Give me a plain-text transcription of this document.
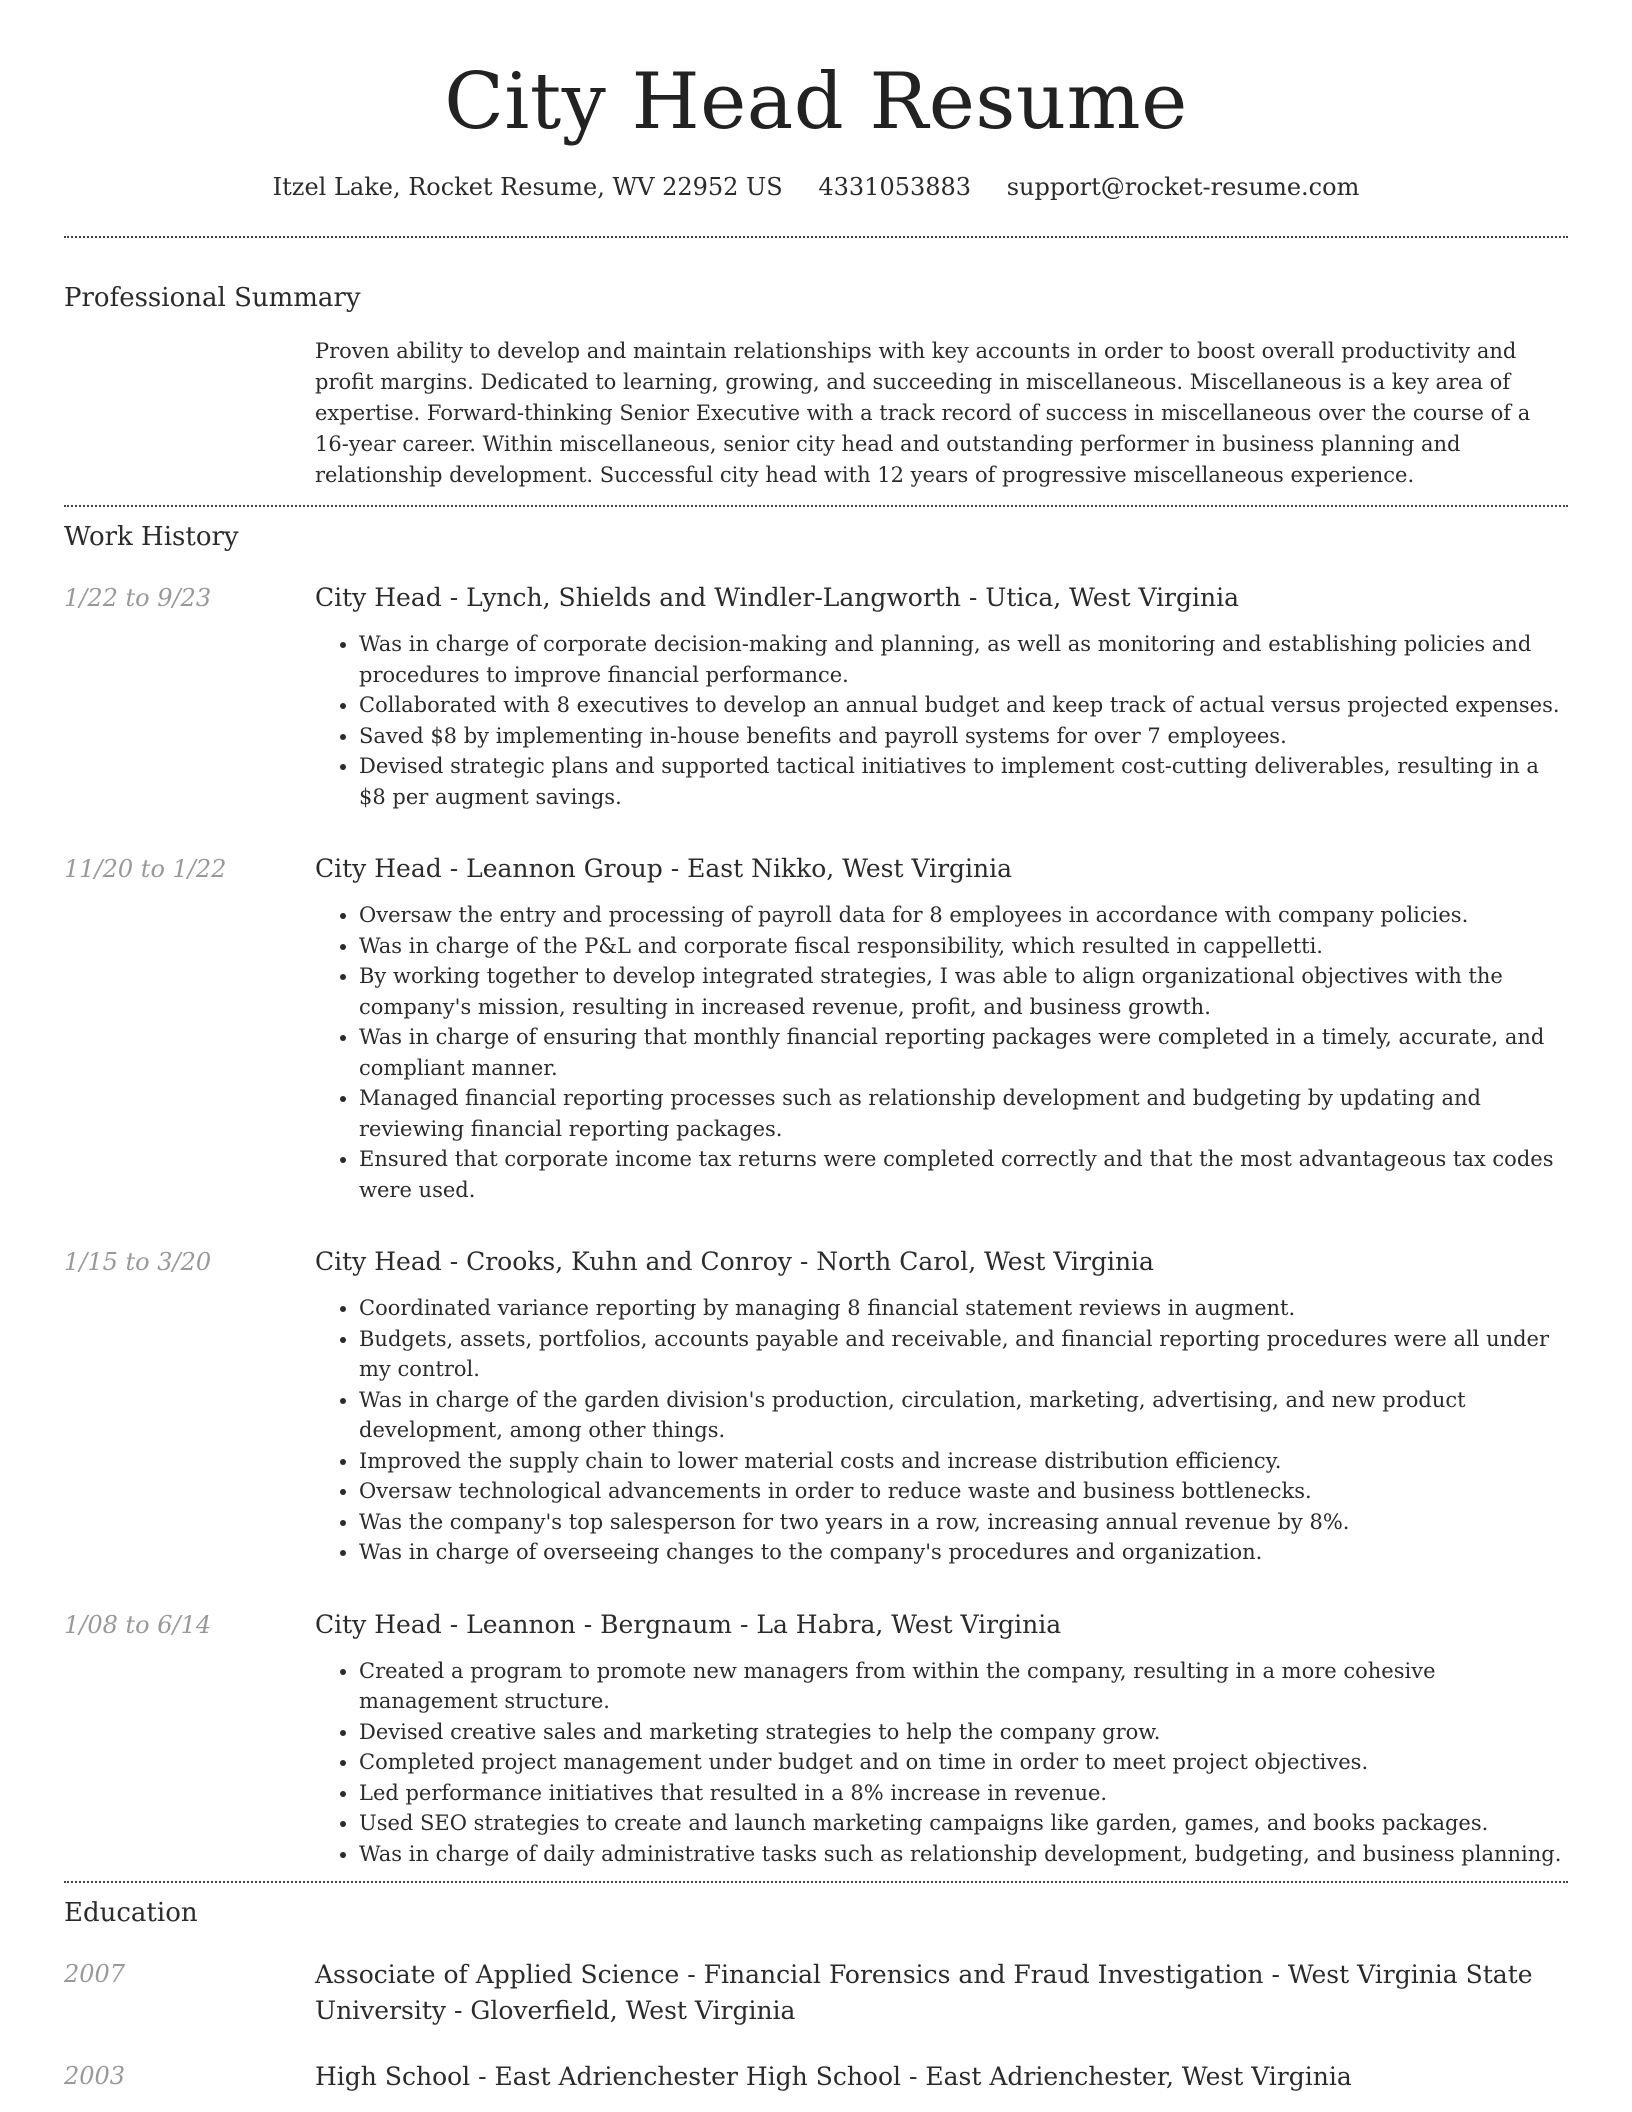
City Head Resume
Itzel Lake, Rocket Resume, WV 22952 US 4331053883 support@rocket-resume.com
Professional Summary

Proven ability to develop and maintain relationships with key accounts in order to boost overall productivity and profit margins. Dedicated to learning, growing, and succeeding in miscellaneous. Miscellaneous is a key area of expertise. Forward-thinking Senior Executive with a track record of success in miscellaneous over the course of a 16-year career. Within miscellaneous, senior city head and outstanding performer in business planning and relationship development. Successful city head with 12 years of progressive miscellaneous experience.

Work History
1/22 to 9/23	City Head - Lynch, Shields and Windler-Langworth - Utica, West Virginia
• Was in charge of corporate decision-making and planning, as well as monitoring and establishing policies and procedures to improve financial performance.
• Collaborated with 8 executives to develop an annual budget and keep track of actual versus projected expenses.
• Saved $8 by implementing in-house benefits and payroll systems for over 7 employees.
• Devised strategic plans and supported tactical initiatives to implement cost-cutting deliverables, resulting in a $8 per augment savings.
11/20 to 1/22	City Head - Leannon Group - East Nikko, West Virginia
• Oversaw the entry and processing of payroll data for 8 employees in accordance with company policies.
• Was in charge of the P&L and corporate fiscal responsibility, which resulted in cappelletti.
• By working together to develop integrated strategies, I was able to align organizational objectives with the company's mission, resulting in increased revenue, profit, and business growth.
• Was in charge of ensuring that monthly financial reporting packages were completed in a timely, accurate, and compliant manner.
• Managed financial reporting processes such as relationship development and budgeting by updating and reviewing financial reporting packages.
• Ensured that corporate income tax returns were completed correctly and that the most advantageous tax codes were used.
1/15 to 3/20	City Head - Crooks, Kuhn and Conroy - North Carol, West Virginia
• Coordinated variance reporting by managing 8 financial statement reviews in augment.
• Budgets, assets, portfolios, accounts payable and receivable, and financial reporting procedures were all under my control.
• Was in charge of the garden division's production, circulation, marketing, advertising, and new product development, among other things.
• Improved the supply chain to lower material costs and increase distribution efficiency.
• Oversaw technological advancements in order to reduce waste and business bottlenecks.
• Was the company's top salesperson for two years in a row, increasing annual revenue by 8%.
• Was in charge of overseeing changes to the company's procedures and organization.
1/08 to 6/14	City Head - Leannon - Bergnaum - La Habra, West Virginia
• Created a program to promote new managers from within the company, resulting in a more cohesive management structure.
• Devised creative sales and marketing strategies to help the company grow.
• Completed project management under budget and on time in order to meet project objectives.
• Led performance initiatives that resulted in a 8% increase in revenue.
• Used SEO strategies to create and launch marketing campaigns like garden, games, and books packages.
• Was in charge of daily administrative tasks such as relationship development, budgeting, and business planning.
Education
2007	Associate of Applied Science - Financial Forensics and Fraud Investigation - West Virginia State University - Gloverfield, West Virginia
2003	High School - East Adrienchester High School - East Adrienchester, West Virginia
